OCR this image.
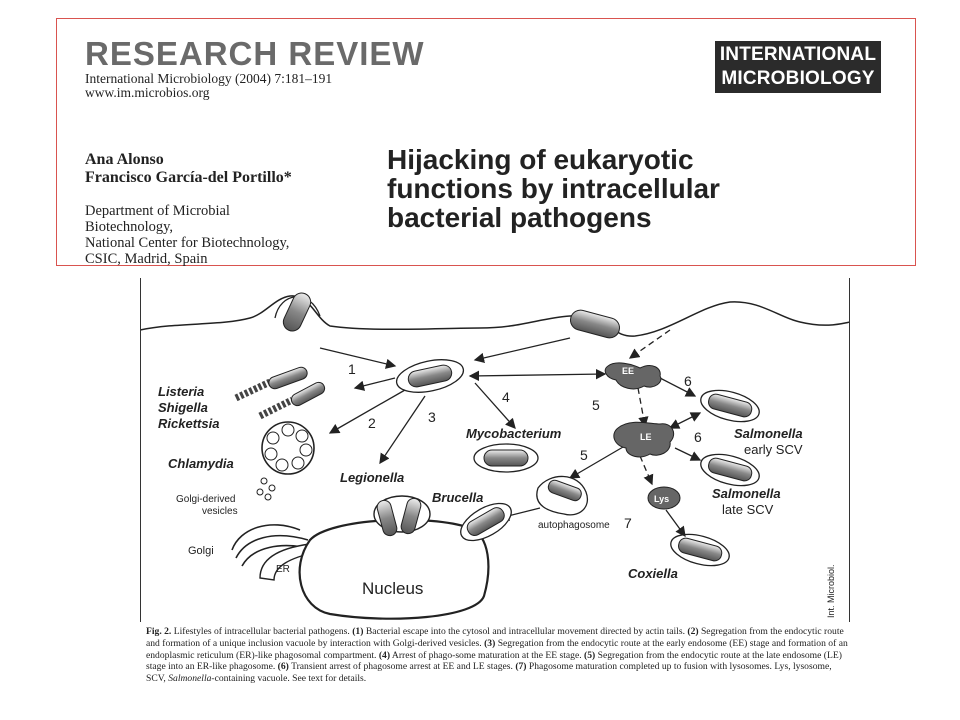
RESEARCH REVIEW
International Microbiology (2004) 7:181–191
www.im.microbios.org
INTERNATIONAL
MICROBIOLOGY
Ana Alonso
Francisco García-del Portillo*
Department of Microbial
Biotechnology,
National Center for Biotechnology,
CSIC, Madrid, Spain
Hijacking of eukaryotic
functions by intracellular
bacterial pathogens
Listeria
Shigella
Rickettsia
Chlamydia
Golgi-derived
vesicles
Golgi
ER
Nucleus
Legionella
Brucella
Mycobacterium
autophagosome
EE
LE
Lys
Salmonella
early SCV
Salmonella
late SCV
Coxiella	Int. Microbiol.
1
2	3
4	5
5
6
6
7
Fig. 2. Lifestyles of intracellular bacterial pathogens. (1) Bacterial escape into the cytosol and intracellular movement directed by actin tails. (2) Segregation from the endocytic route and formation of a unique inclusion vacuole by interaction with Golgi-derived vesicles. (3) Segregation from the endocytic route at the early endosome (EE) stage and formation of an endoplasmic reticulum (ER)-like phagosomal compartment. (4) Arrest of phago-some maturation at the EE stage. (5) Segregation from the endocytic route at the late endosome (LE) stage into an ER-like phagosome. (6) Transient arrest of phagosome arrest at EE and LE stages. (7) Phagosome maturation completed up to fusion with lysosomes. Lys, lysosome, SCV, Salmonella-containing vacuole. See text for details.
